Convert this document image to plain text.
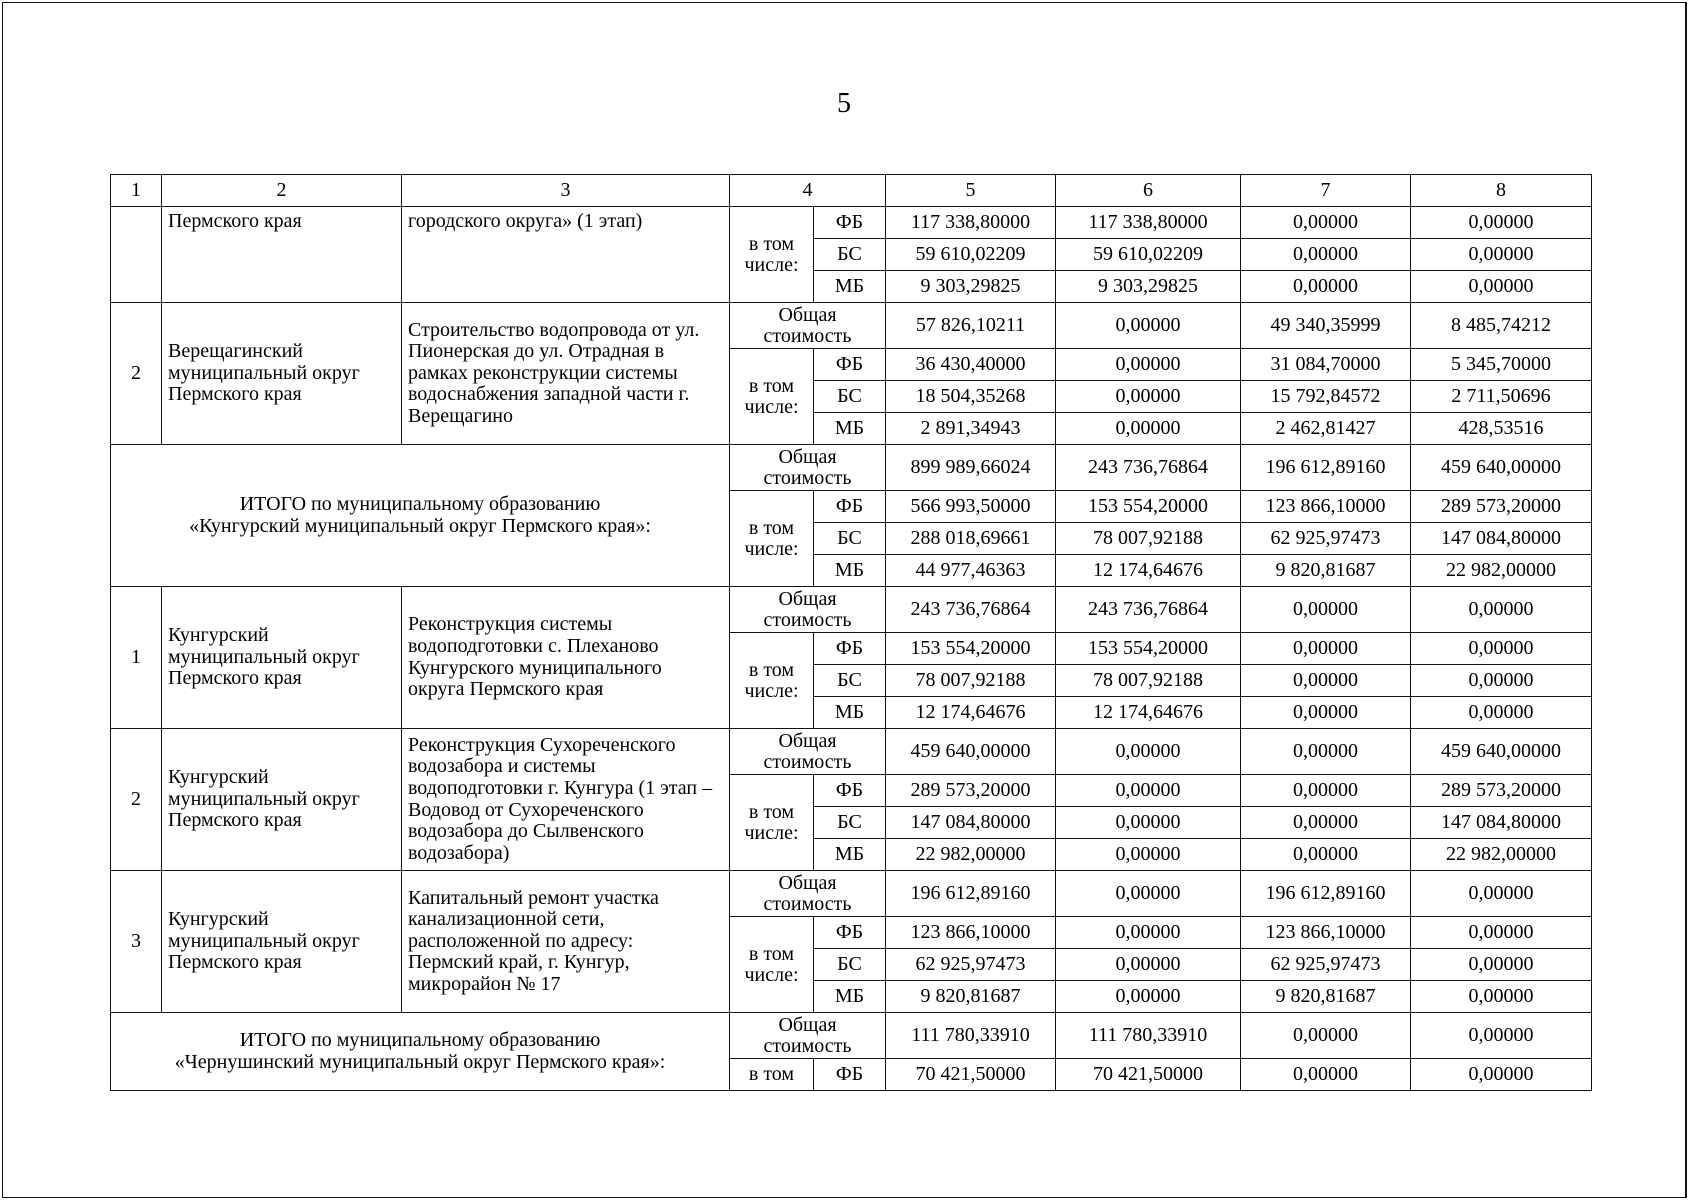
5
1	2	3	4		5	6	7	8
	Пермского края	городского округа» (1 этап)	в том числе:	ФБ	117 338,80000	117 338,80000	0,00000	0,00000
				БС	59 610,02209	59 610,02209	0,00000	0,00000
				МБ	9 303,29825	9 303,29825	0,00000	0,00000
2	Верещагинский муниципальный округ Пермского края	Строительство водопровода от ул. Пионерская до ул. Отрадная в рамках реконструкции системы водоснабжения западной части г. Верещагино	Общая стоимость		57 826,10211	0,00000	49 340,35999	8 485,74212
			в том числе:	ФБ	36 430,40000	0,00000	31 084,70000	5 345,70000
				БС	18 504,35268	0,00000	15 792,84572	2 711,50696
				МБ	2 891,34943	0,00000	2 462,81427	428,53516

ИТОГО по муниципальному образованию
«Кунгурский муниципальный округ Пермского края»:			Общая стоимость		899 989,66024	243 736,76864	196 612,89160	459 640,00000
			в том числе:	ФБ	566 993,50000	153 554,20000	123 866,10000	289 573,20000
				БС	288 018,69661	78 007,92188	62 925,97473	147 084,80000
				МБ	44 977,46363	12 174,64676	9 820,81687	22 982,00000
1	Кунгурский муниципальный округ Пермского края	Реконструкция системы водоподготовки с. Плеханово Кунгурского муниципального округа Пермского края	Общая стоимость		243 736,76864	243 736,76864	0,00000	0,00000
			в том числе:	ФБ	153 554,20000	153 554,20000	0,00000	0,00000
				БС	78 007,92188	78 007,92188	0,00000	0,00000
				МБ	12 174,64676	12 174,64676	0,00000	0,00000
2	Кунгурский муниципальный округ Пермского края	Реконструкция Сухореченского водозабора и системы водоподготовки г. Кунгура (1 этап – Водовод от Сухореченского водозабора до Сылвенского водозабора)	Общая стоимость		459 640,00000	0,00000	0,00000	459 640,00000
			в том числе:	ФБ	289 573,20000	0,00000	0,00000	289 573,20000
				БС	147 084,80000	0,00000	0,00000	147 084,80000
				МБ	22 982,00000	0,00000	0,00000	22 982,00000
3	Кунгурский муниципальный округ Пермского края	Капитальный ремонт участка канализационной сети, расположенной по адресу: Пермский край, г. Кунгур, микрорайон № 17	Общая стоимость		196 612,89160	0,00000	196 612,89160	0,00000
			в том числе:	ФБ	123 866,10000	0,00000	123 866,10000	0,00000
				БС	62 925,97473	0,00000	62 925,97473	0,00000
				МБ	9 820,81687	0,00000	9 820,81687	0,00000

ИТОГО по муниципальному образованию
«Чернушинский муниципальный округ Пермского края»:			Общая стоимость		111 780,33910	111 780,33910	0,00000	0,00000
			в том	ФБ	70 421,50000	70 421,50000	0,00000	0,00000
